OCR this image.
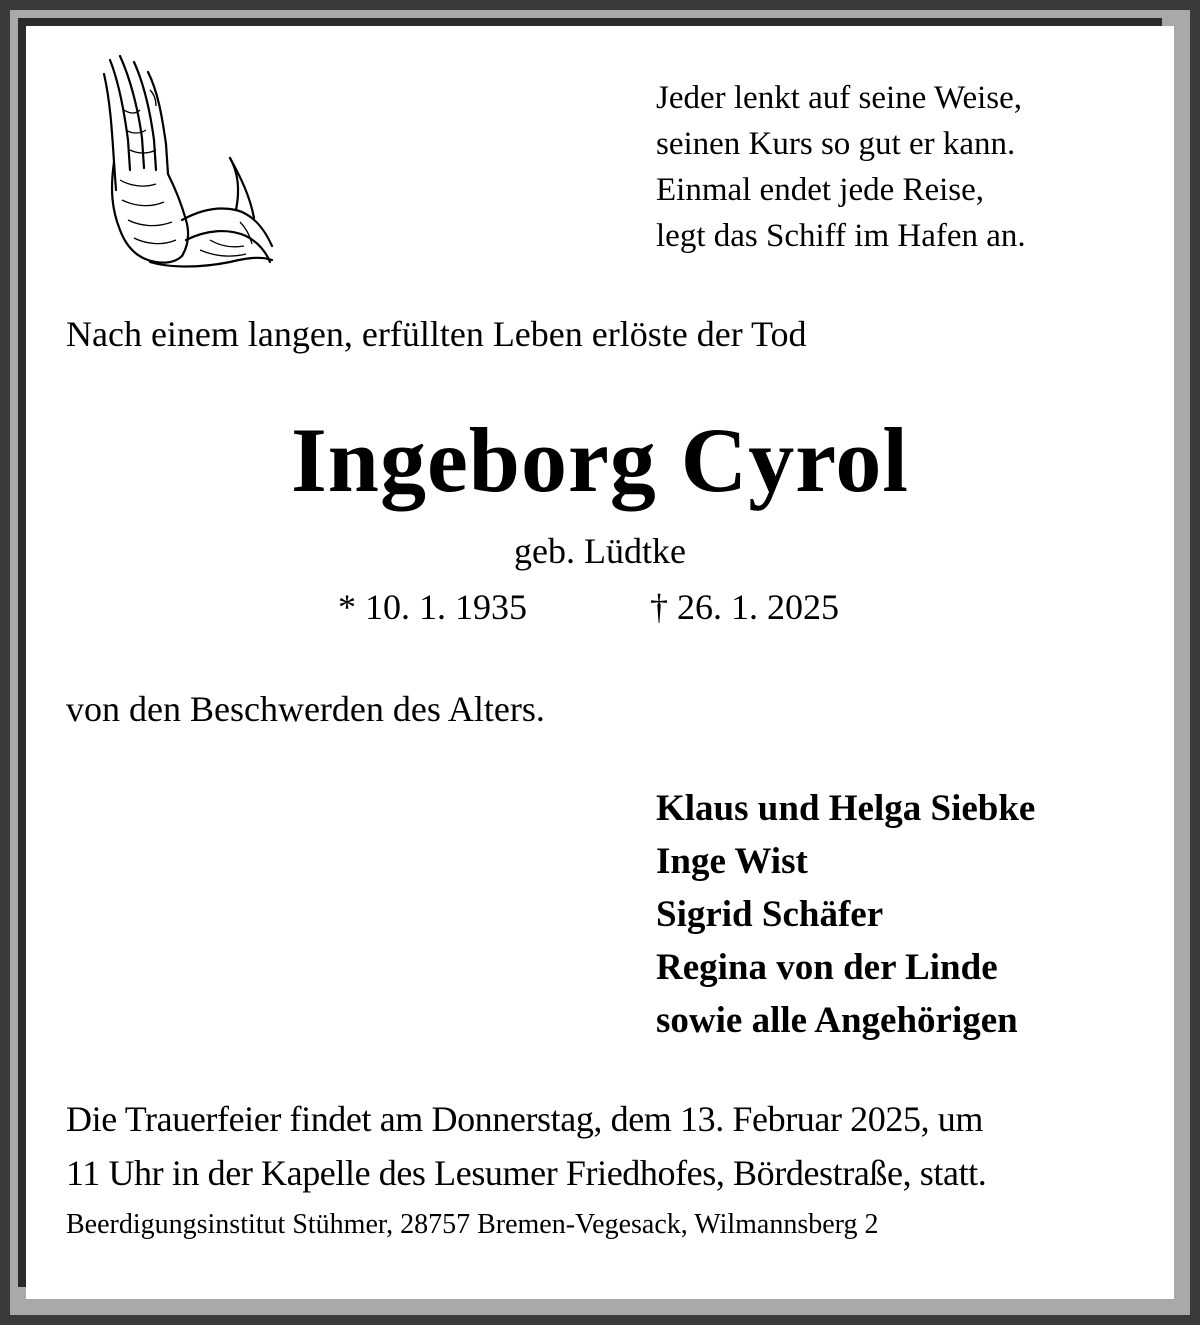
Jeder lenkt auf seine Weise,
seinen Kurs so gut er kann.
Einmal endet jede Reise,
legt das Schiff im Hafen an.
Nach einem langen, erfüllten Leben erlöste der Tod
Ingeborg Cyrol
geb. Lüdtke
* 10. 1. 1935	† 26. 1. 2025
von den Beschwerden des Alters.
Klaus und Helga Siebke
Inge Wist
Sigrid Schäfer
Regina von der Linde
sowie alle Angehörigen
Die Trauerfeier findet am Donnerstag, dem 13. Februar 2025, um
11 Uhr in der Kapelle des Lesumer Friedhofes, Bördestraße, statt.
Beerdigungsinstitut Stühmer, 28757 Bremen-Vegesack, Wilmannsberg 2
